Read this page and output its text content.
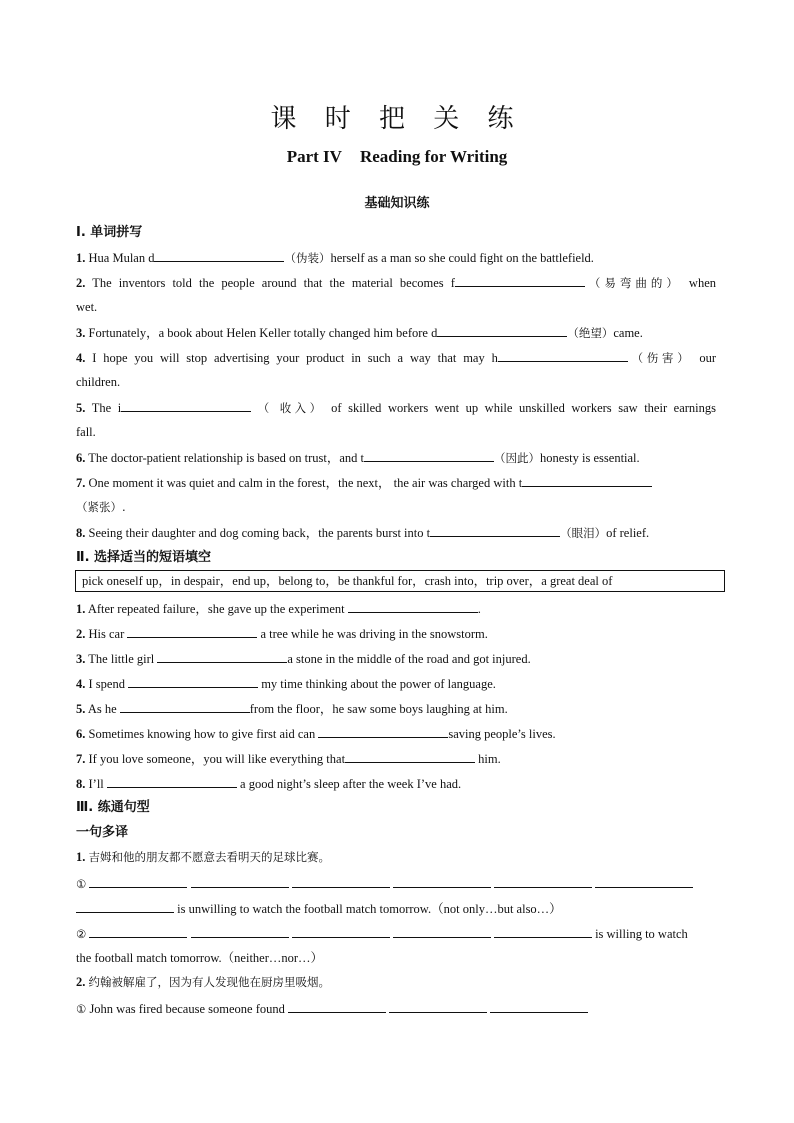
课 时 把 关 练
Part IV Reading for Writing
基础知识练
Ⅰ. 单词拼写
1. Hua Mulan d	（伪装）herself as a man so she could fight on the battlefield.
2. The inventors told the people around that the material becomes f	（易弯曲的） when
wet.
3. Fortunately，a book about Helen Keller totally changed him before d	（绝望）came.
4. I hope you will stop advertising your product in such a way that may h	（伤害） our
children.
5. The i	（ 收入） of skilled workers went up while unskilled workers saw their earnings
fall.
6. The doctor-patient relationship is based on trust，and t	（因此）honesty is essential.
7. One moment it was quiet and calm in the forest，the next， the air was charged with t
（紧张）.
8. Seeing their daughter and dog coming back，the parents burst into t	（眼泪）of relief.
Ⅱ. 选择适当的短语填空
pick oneself up，in despair，end up，belong to，be thankful for，crash into，trip over，a great deal of
1. After repeated failure，she gave up the experiment	.
2. His car	a tree while he was driving in the snowstorm.
3. The little girl	a stone in the middle of the road and got injured.
4. I spend	my time thinking about the power of language.
5. As he	from the floor，he saw some boys laughing at him.
6. Sometimes knowing how to give first aid can	saving people’s lives.
7. If you love someone，you will like everything that	him.
8. I’ll	a good night’s sleep after the week I’ve had.
Ⅲ. 练通句型
一句多译
1. 吉姆和他的朋友都不愿意去看明天的足球比赛。
①
is unwilling to watch the football match tomorrow.（not only…but also…）
②	is willing to watch
the football match tomorrow.（neither…nor…）
2. 约翰被解雇了，因为有人发现他在厨房里吸烟。
① John was fired because someone found
